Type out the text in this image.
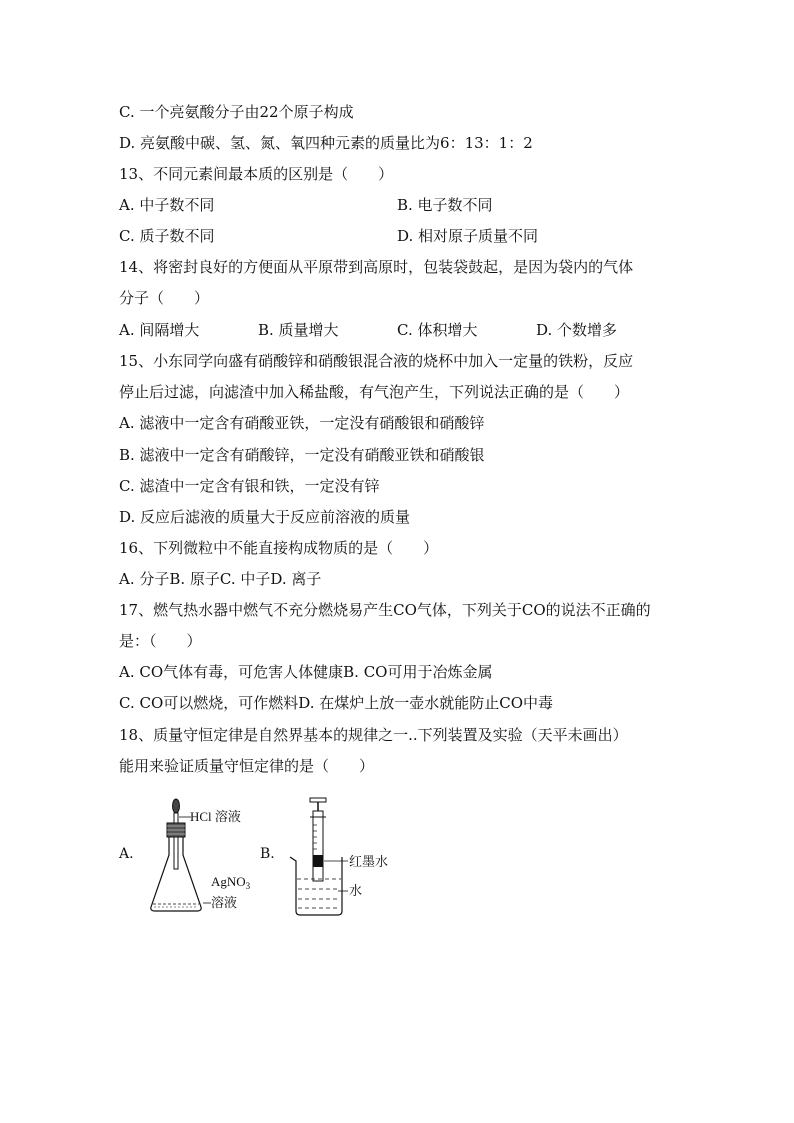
C. 一个亮氨酸分子由22个原子构成
D. 亮氨酸中碳、氢、氮、氧四种元素的质量比为6：13：1：2
13、不同元素间最本质的区别是（　　）
A. 中子数不同	B. 电子数不同
C. 质子数不同	D. 相对原子质量不同
14、将密封良好的方便面从平原带到高原时，包装袋鼓起，是因为袋内的气体
分子（　　）
A. 间隔增大	B. 质量增大	C. 体积增大	D. 个数增多
15、小东同学向盛有硝酸锌和硝酸银混合液的烧杯中加入一定量的铁粉，反应
停止后过滤，向滤渣中加入稀盐酸，有气泡产生，下列说法正确的是（　　）
A. 滤液中一定含有硝酸亚铁，一定没有硝酸银和硝酸锌
B. 滤液中一定含有硝酸锌，一定没有硝酸亚铁和硝酸银
C. 滤渣中一定含有银和铁，一定没有锌
D. 反应后滤液的质量大于反应前溶液的质量
16、下列微粒中不能直接构成物质的是（　　）
A. 分子B. 原子C. 中子D. 离子
17、燃气热水器中燃气不充分燃烧易产生CO气体，下列关于CO的说法不正确的
是：（　　）
A. CO气体有毒，可危害人体健康B. CO可用于冶炼金属
C. CO可以燃烧，可作燃料D. 在煤炉上放一壶水就能防止CO中毒
18、质量守恒定律是自然界基本的规律之一..下列装置及实验（天平未画出）
能用来验证质量守恒定律的是（　　）
A.
HCl 溶液
AgNO$_3$
溶液
B.	红墨水
水
